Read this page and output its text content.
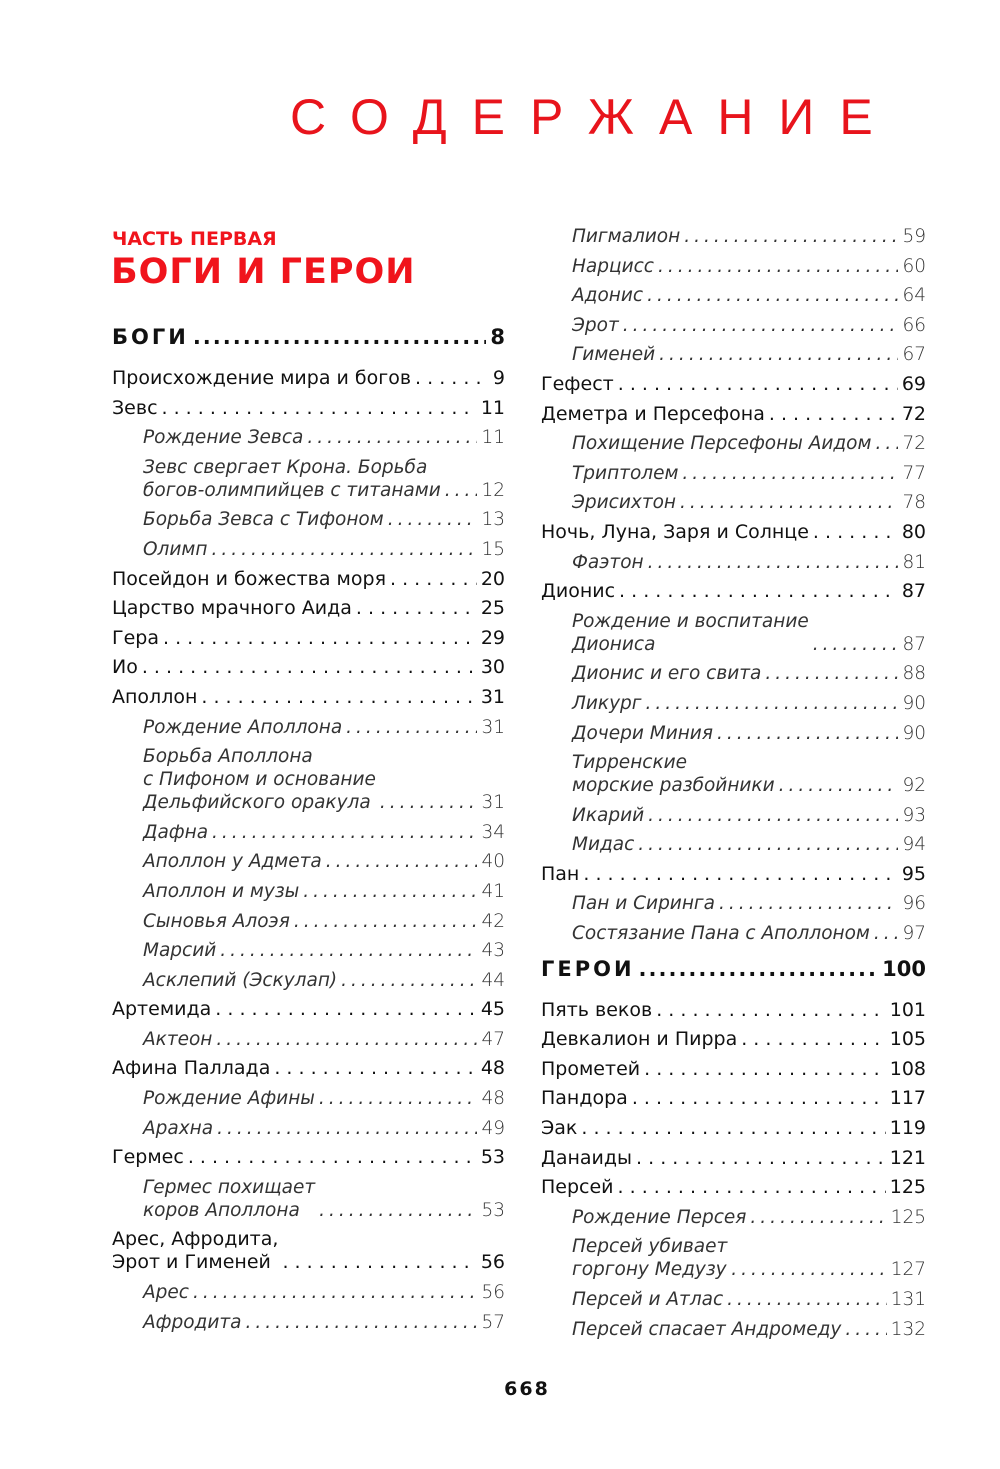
СОДЕРЖАНИЕ
ЧАСТЬ ПЕРВАЯ
БОГИ И ГЕРОИ
БОГИ .....	8
Происхождение мира и богов . . .	9
Зевс . . .	11
Рождение Зевса .....	11
Зевс свергает Крона. Борьба
богов-олимпийцев с титанами ..... 12
Борьба Зевса с Тифоном .....	13
Олимп .....	15
Посейдон и божества моря . . .	20
Царство мрачного Аида . . .	25
Гера . . .	29
Ио . . .	30
Аполлон . . .	31
Рождение Аполлона .....	31
Борьба Аполлона
с Пифоном и основание
Дельфийского оракула .....	31
Дафна .....	34
Аполлон у Адмета .....	40
Аполлон и музы .....	41
Сыновья Алоэя .....	42
Марсий .....	43
Асклепий (Эскулап) .....	44
Артемида . . .	45
Актеон .....	47
Афина Паллада . . .	48
Рождение Афины .....	48
Арахна .....	49
Гермес . . .	53
Гермес похищает
коров Аполлона .....	53
Арес, Афродита,
Эрот и Гименей . . .	56
Арес .....	56
Афродита .....	57
Пигмалион .....	59
Нарцисс .....	60
Адонис .....	64
Эрот .....	66
Гименей .....	67
Гефест . . .	69
Деметра и Персефона . . .	72
Похищение Персефоны Аидом ..... 72
Триптолем .....	77
Эрисихтон .....	78
Ночь, Луна, Заря и Солнце . . .	80
Фаэтон .....	81
Дионис . . .	87
Рождение и воспитание
Диониса .....	87
Дионис и его свита .....	88
Ликург .....	90
Дочери Миния .....	90
Тирренские
морские разбойники .....	92
Икарий .....	93
Мидас .....	94
Пан . . .	95
Пан и Сиринга .....	96
Состязание Пана с Аполлоном ..... 97
ГЕРОИ .....	100
Пять веков . . .	101
Девкалион и Пирра . . .	105
Прометей . . .	108
Пандора . . .	117
Эак . . .	119
Данаиды . . .	121
Персей . . .	125
Рождение Персея .....	125
Персей убивает
горгону Медузу .....	127
Персей и Атлас .....	131
Персей спасает Андромеду .....	132
668
